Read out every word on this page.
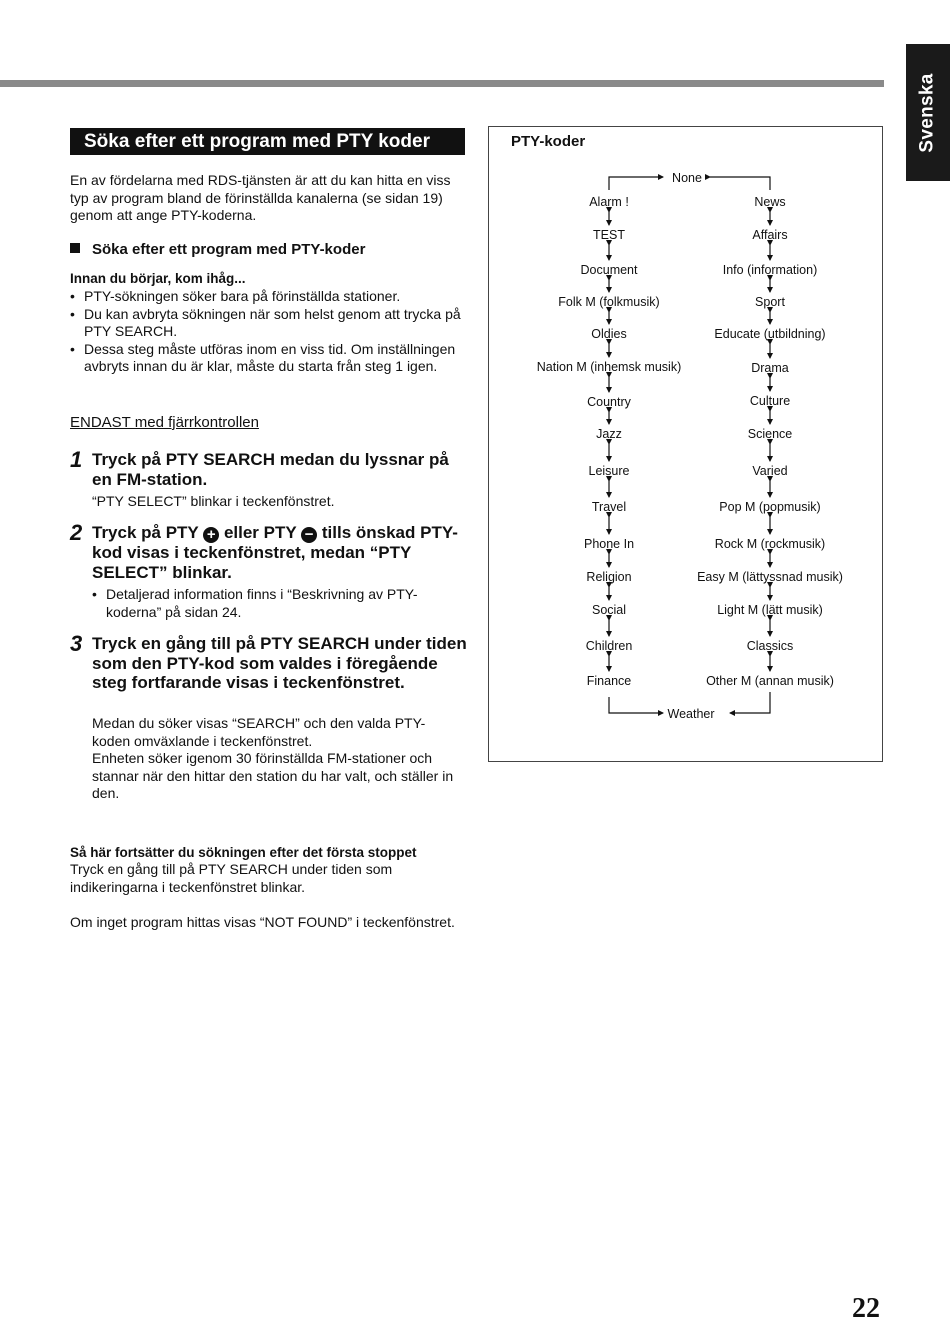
Svenska
Söka efter ett program med PTY koder
En av fördelarna med RDS-tjänsten är att du kan hitta en viss typ av program bland de förinställda kanalerna (se sidan 19) genom att ange PTY-koderna.
Söka efter ett program med PTY-koder
Innan du börjar, kom ihåg...
• PTY-sökningen söker bara på förinställda stationer.
• Du kan avbryta sökningen när som helst genom att trycka på PTY SEARCH.
• Dessa steg måste utföras inom en viss tid. Om inställningen avbryts innan du är klar, måste du starta från steg 1 igen.
ENDAST med fjärrkontrollen
1 Tryck på PTY SEARCH medan du lyssnar på en FM-station.
“PTY SELECT” blinkar i teckenfönstret.
2 Tryck på PTY + eller PTY − tills önskad PTY-kod visas i teckenfönstret, medan “PTY SELECT” blinkar.
• Detaljerad information finns i “Beskrivning av PTY-koderna” på sidan 24.
3 Tryck en gång till på PTY SEARCH under tiden som den PTY-kod som valdes i föregående steg fortfarande visas i teckenfönstret.
Medan du söker visas “SEARCH” och den valda PTY-koden omväxlande i teckenfönstret.
Enheten söker igenom 30 förinställda FM-stationer och stannar när den hittar den station du har valt, och ställer in den.
Så här fortsätter du sökningen efter det första stoppet
Tryck en gång till på PTY SEARCH under tiden som indikeringarna i teckenfönstret blinkar.
Om inget program hittas visas “NOT FOUND” i teckenfönstret.
PTY-koder
None
Weather
Alarm !
TEST
Document
Folk M (folkmusik)
Oldies
Nation M (inhemsk musik)
Country
Jazz
Leisure
Travel
Phone In
Religion
Social
Children
Finance
News
Affairs
Info (information)
Sport
Educate (utbildning)
Drama
Culture
Science
Varied
Pop M (popmusik)
Rock M (rockmusik)
Easy M (lättyssnad musik)
Light M (lätt musik)
Classics
Other M (annan musik)
22
